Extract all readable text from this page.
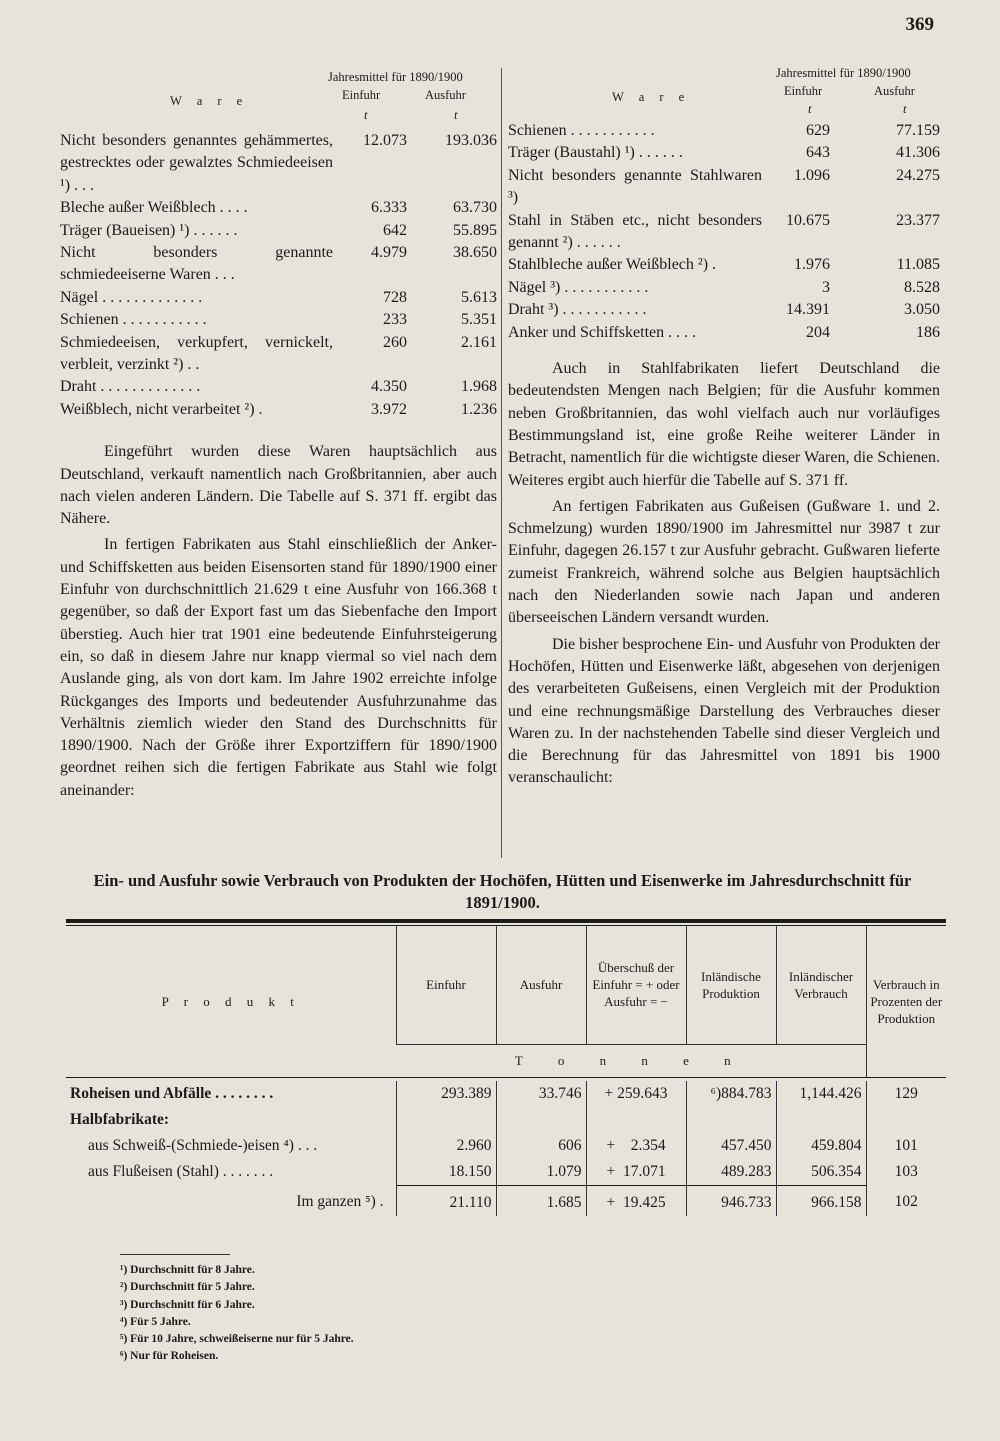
369
Jahresmittel für 1890/1900
W a r e	Einfuhr	Ausfuhr
t	t
Nicht besonders genanntes gehämmertes, gestrecktes oder gewalztes Schmiedeeisen ¹) . . .
12.073	193.036
Bleche außer Weißblech . . . .	6.333	63.730
Träger (Baueisen) ¹) . . . . . .	642	55.895
Nicht besonders genannte schmiedeeiserne Waren . . .
4.979	38.650
Nägel . . . . . . . . . . . . .	728	5.613
Schienen . . . . . . . . . . .	233	5.351
Schmiedeeisen, verkupfert, vernickelt, verbleit, verzinkt ²) . .
260	2.161
Draht . . . . . . . . . . . . .	4.350	1.968
Weißblech, nicht verarbeitet ²) .	3.972	1.236

Eingeführt wurden diese Waren hauptsächlich aus Deutschland, verkauft namentlich nach Großbritannien, aber auch nach vielen anderen Ländern. Die Tabelle auf S. 371 ff. ergibt das Nähere.

In fertigen Fabrikaten aus Stahl einschließlich der Anker- und Schiffsketten aus beiden Eisensorten stand für 1890/1900 einer Einfuhr von durchschnittlich 21.629 t eine Ausfuhr von 166.368 t gegenüber, so daß der Export fast um das Siebenfache den Import überstieg. Auch hier trat 1901 eine bedeutende Einfuhrsteigerung ein, so daß in diesem Jahre nur knapp viermal so viel nach dem Auslande ging, als von dort kam. Im Jahre 1902 erreichte infolge Rückganges des Imports und bedeutender Ausfuhrzunahme das Verhältnis ziemlich wieder den Stand des Durchschnitts für 1890/1900. Nach der Größe ihrer Exportziffern für 1890/1900 geordnet reihen sich die fertigen Fabrikate aus Stahl wie folgt aneinander:

Jahresmittel für 1890/1900
W a r e	Einfuhr	Ausfuhr
t	t
Schienen . . . . . . . . . . .	629	77.159
Träger (Baustahl) ¹) . . . . . .	643	41.306
Nicht besonders genannte Stahlwaren ³)
1.096	24.275
Stahl in Stäben etc., nicht besonders genannt ²) . . . . . .
10.675	23.377
Stahlbleche außer Weißblech ²) .	1.976	11.085
Nägel ³) . . . . . . . . . . .	3	8.528
Draht ³) . . . . . . . . . . .	14.391	3.050
Anker und Schiffsketten . . . .	204	186

Auch in Stahlfabrikaten liefert Deutschland die bedeutendsten Mengen nach Belgien; für die Ausfuhr kommen neben Großbritannien, das wohl vielfach auch nur vorläufiges Bestimmungsland ist, eine große Reihe weiterer Länder in Betracht, namentlich für die wichtigste dieser Waren, die Schienen. Weiteres ergibt auch hierfür die Tabelle auf S. 371 ff.

An fertigen Fabrikaten aus Gußeisen (Gußware 1. und 2. Schmelzung) wurden 1890/1900 im Jahresmittel nur 3987 t zur Einfuhr, dagegen 26.157 t zur Ausfuhr gebracht. Gußwaren lieferte zumeist Frankreich, während solche aus Belgien hauptsächlich nach den Niederlanden sowie nach Japan und anderen überseeischen Ländern versandt wurden.

Die bisher besprochene Ein- und Ausfuhr von Produkten der Hochöfen, Hütten und Eisenwerke läßt, abgesehen von derjenigen des verarbeiteten Gußeisens, einen Vergleich mit der Produktion und eine rechnungsmäßige Darstellung des Verbrauches dieser Waren zu. In der nachstehenden Tabelle sind dieser Vergleich und die Berechnung für das Jahresmittel von 1891 bis 1900 veranschaulicht:

Ein- und Ausfuhr sowie Verbrauch von Produkten der Hochöfen, Hütten und Eisenwerke im Jahresdurchschnitt für 1891/1900.
P r o d u k t	Einfuhr	Ausfuhr	Überschuß der Einfuhr = + oder Ausfuhr = −	Inländische Produktion	Inländischer Verbrauch	Verbrauch in Prozenten der Produktion
	T o n n e n					

Roheisen und Abfälle . . . . . . . .	293.389	33.746	+ 259.643	⁶)884.783	1,144.426	129
Halbfabrikate:						
aus Schweiß-(Schmiede-)eisen ⁴) . . .	2.960	606	+ 2.354	457.450	459.804	101
aus Flußeisen (Stahl) . . . . . . .	18.150	1.079	+ 17.071	489.283	506.354	103
Im ganzen ⁵) .	21.110	1.685	+ 19.425	946.733	966.158	102
¹) Durchschnitt für 8 Jahre.
²) Durchschnitt für 5 Jahre.
³) Durchschnitt für 6 Jahre.
⁴) Für 5 Jahre.
⁵) Für 10 Jahre, schweißeiserne nur für 5 Jahre.
⁶) Nur für Roheisen.
